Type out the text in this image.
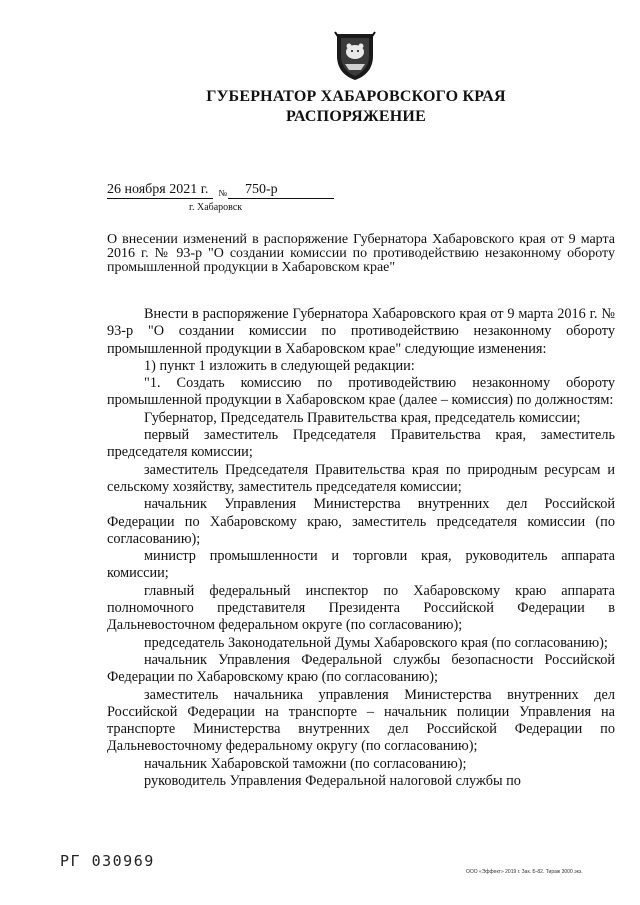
ГУБЕРНАТОР ХАБАРОВСКОГО КРАЯ
РАСПОРЯЖЕНИЕ
26 ноября 2021 г. $_№$ 750-р
г. Хабаровск
О внесении изменений в распоряжение Губернатора Хабаровского края от 9 марта 2016 г. № 93-р "О создании комиссии по противодействию незаконному обороту промышленной продукции в Хабаровском крае"

Внести в распоряжение Губернатора Хабаровского края от 9 марта 2016 г. № 93-р "О создании комиссии по противодействию незаконному обороту промышленной продукции в Хабаровском крае" следующие изменения:

1) пункт 1 изложить в следующей редакции:

"1. Создать комиссию по противодействию незаконному обороту промышленной продукции в Хабаровском крае (далее – комиссия) по должностям:

Губернатор, Председатель Правительства края, председатель комиссии;

первый заместитель Председателя Правительства края, заместитель председателя комиссии;

заместитель Председателя Правительства края по природным ресурсам и сельскому хозяйству, заместитель председателя комиссии;

начальник Управления Министерства внутренних дел Российской Федерации по Хабаровскому краю, заместитель председателя комиссии (по согласованию);

министр промышленности и торговли края, руководитель аппарата комиссии;

главный федеральный инспектор по Хабаровскому краю аппарата полномочного представителя Президента Российской Федерации в Дальневосточном федеральном округе (по согласованию);

председатель Законодательной Думы Хабаровского края (по согласованию);

начальник Управления Федеральной службы безопасности Российской Федерации по Хабаровскому краю (по согласованию);

заместитель начальника управления Министерства внутренних дел Российской Федерации на транспорте – начальник полиции Управления на транспорте Министерства внутренних дел Российской Федерации по Дальневосточному федеральному округу (по согласованию);

начальник Хабаровской таможни (по согласованию);

руководитель Управления Федеральной налоговой службы по

РГ 030969
ООО «Эффект» 2019 г. Зак. Б-82. Тираж 3000 экз.
